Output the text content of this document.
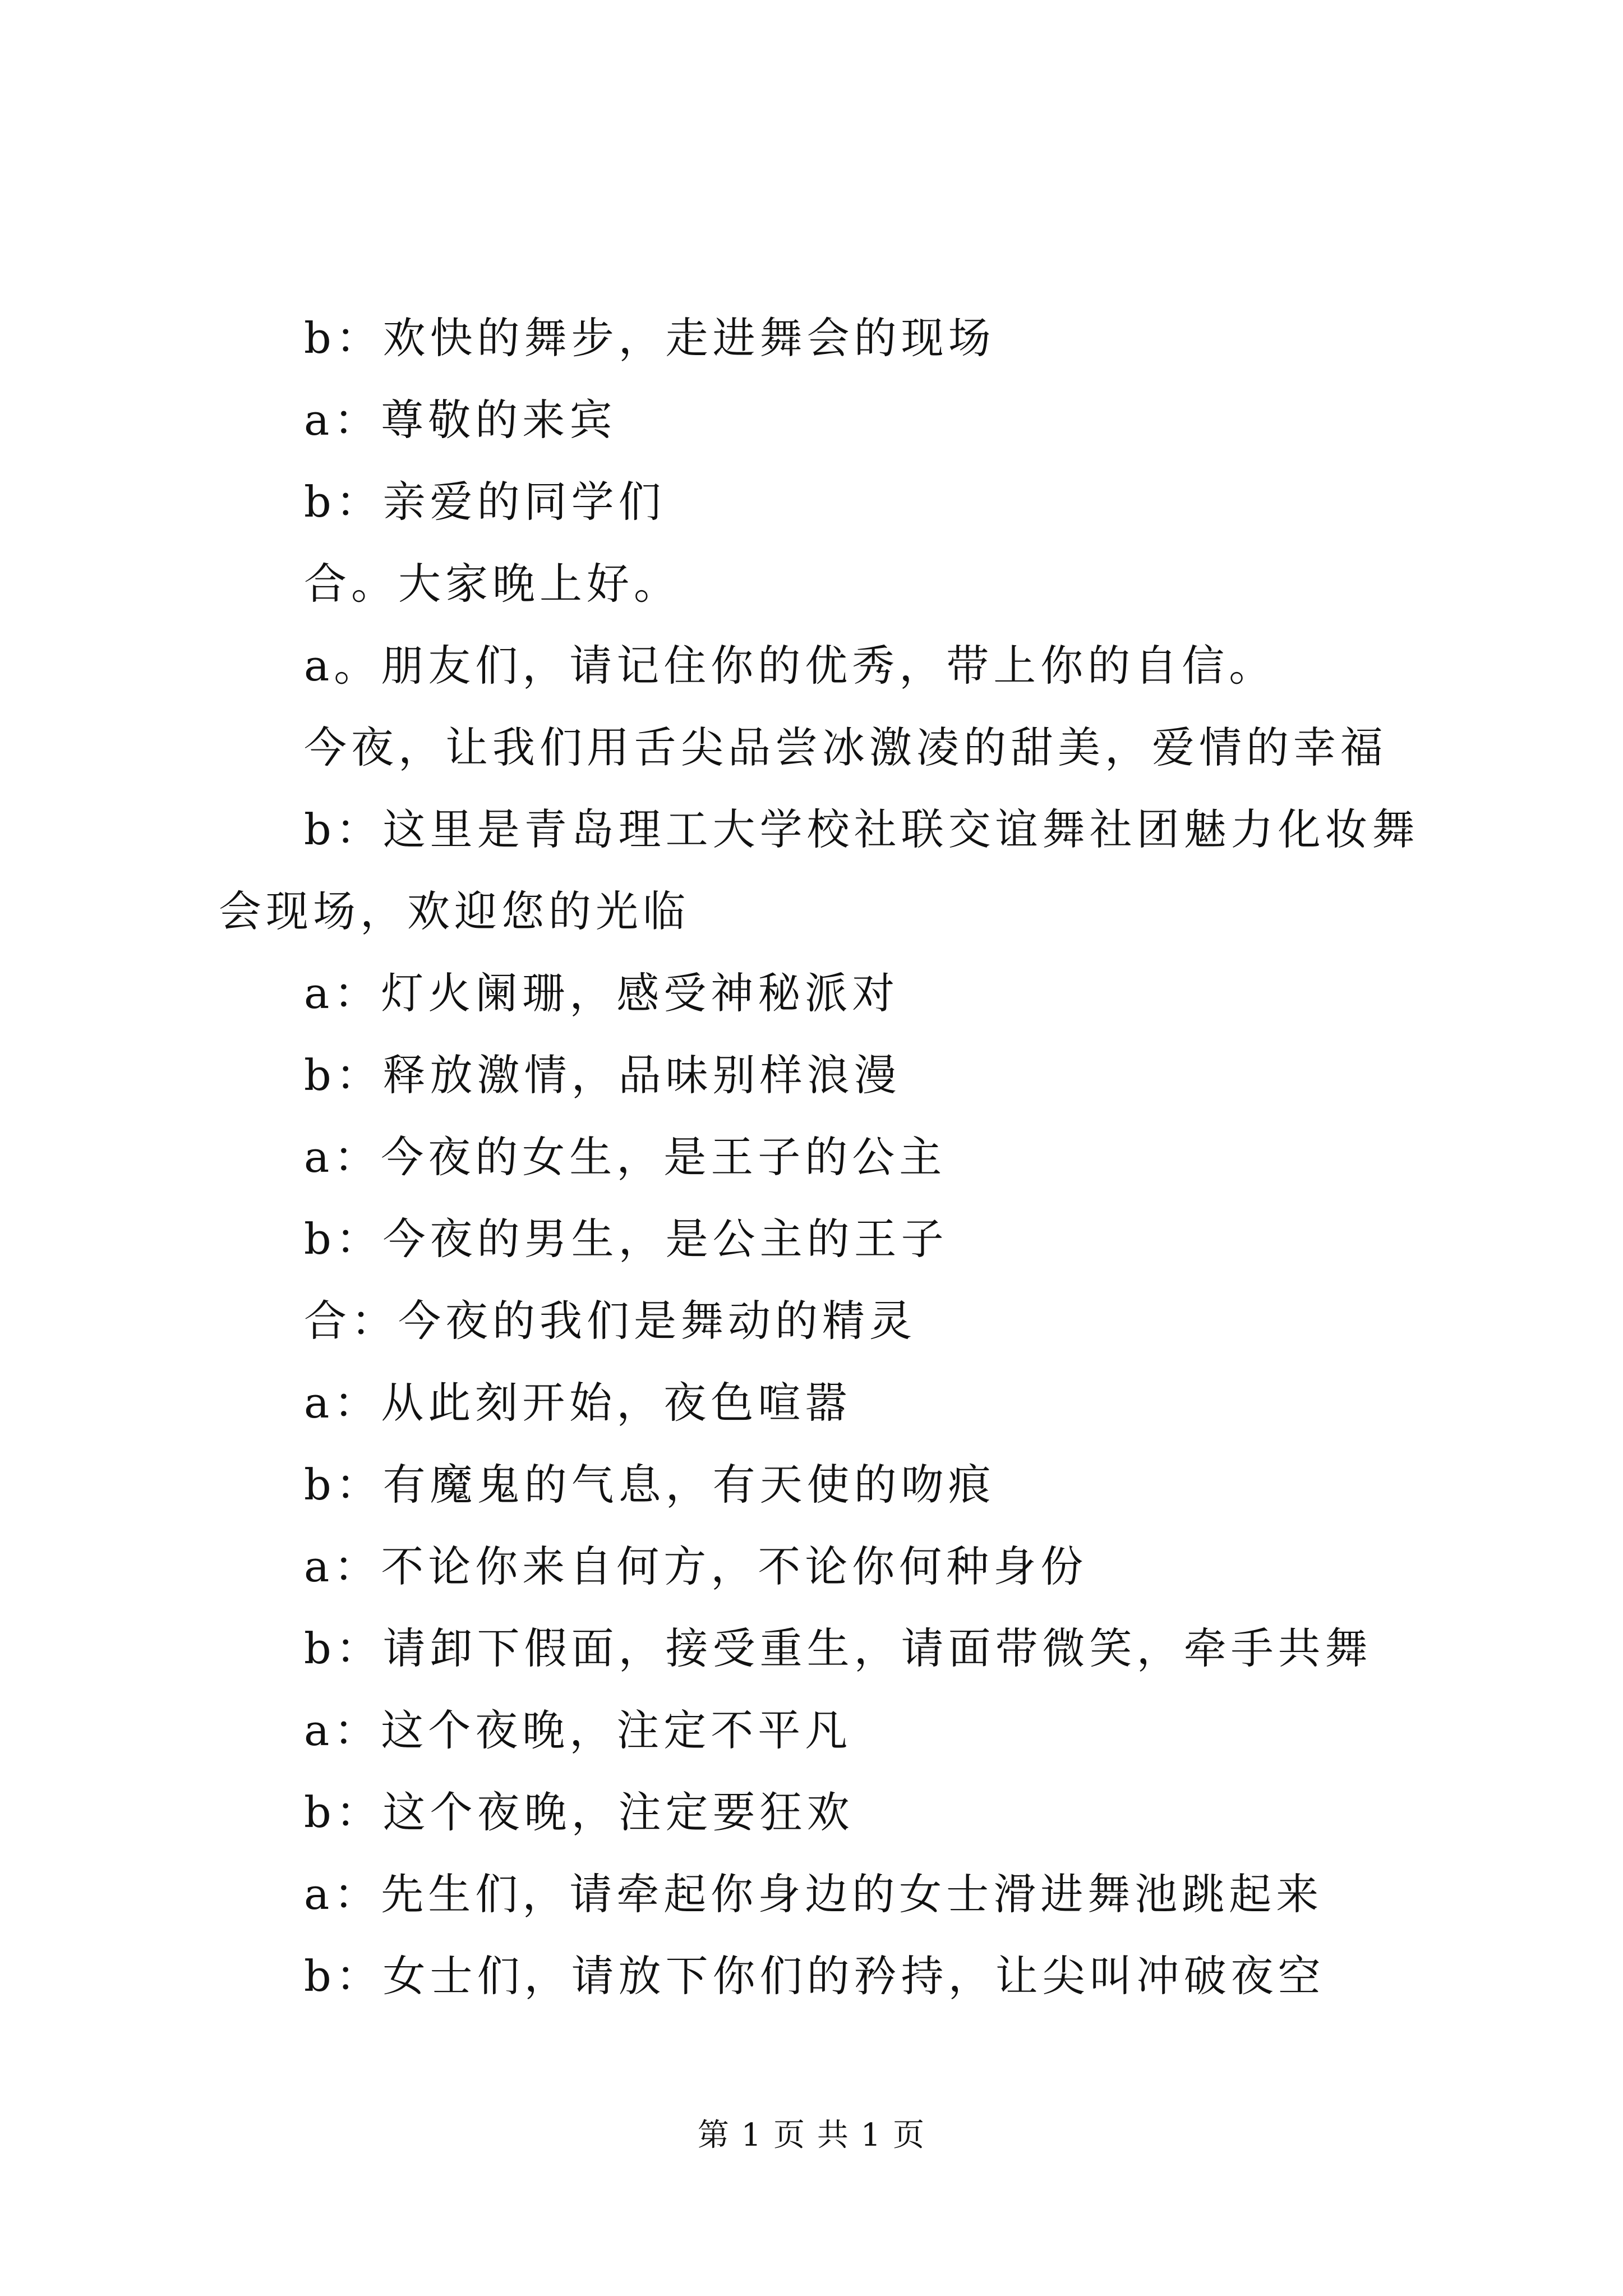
b：欢快的舞步，走进舞会的现场

a：尊敬的来宾

b：亲爱的同学们

合。大家晚上好。

a。朋友们，请记住你的优秀，带上你的自信。

今夜，让我们用舌尖品尝冰激凌的甜美，爱情的幸福

b：这里是青岛理工大学校社联交谊舞社团魅力化妆舞会现场，欢迎您的光临

a：灯火阑珊，感受神秘派对

b：释放激情，品味别样浪漫

a：今夜的女生，是王子的公主

b：今夜的男生，是公主的王子

合：今夜的我们是舞动的精灵

a：从此刻开始，夜色喧嚣

b：有魔鬼的气息，有天使的吻痕

a：不论你来自何方，不论你何种身份

b：请卸下假面，接受重生，请面带微笑，牵手共舞

a：这个夜晚，注定不平凡

b：这个夜晚，注定要狂欢

a：先生们，请牵起你身边的女士滑进舞池跳起来

b：女士们，请放下你们的矜持，让尖叫冲破夜空

第 1 页 共 1 页
